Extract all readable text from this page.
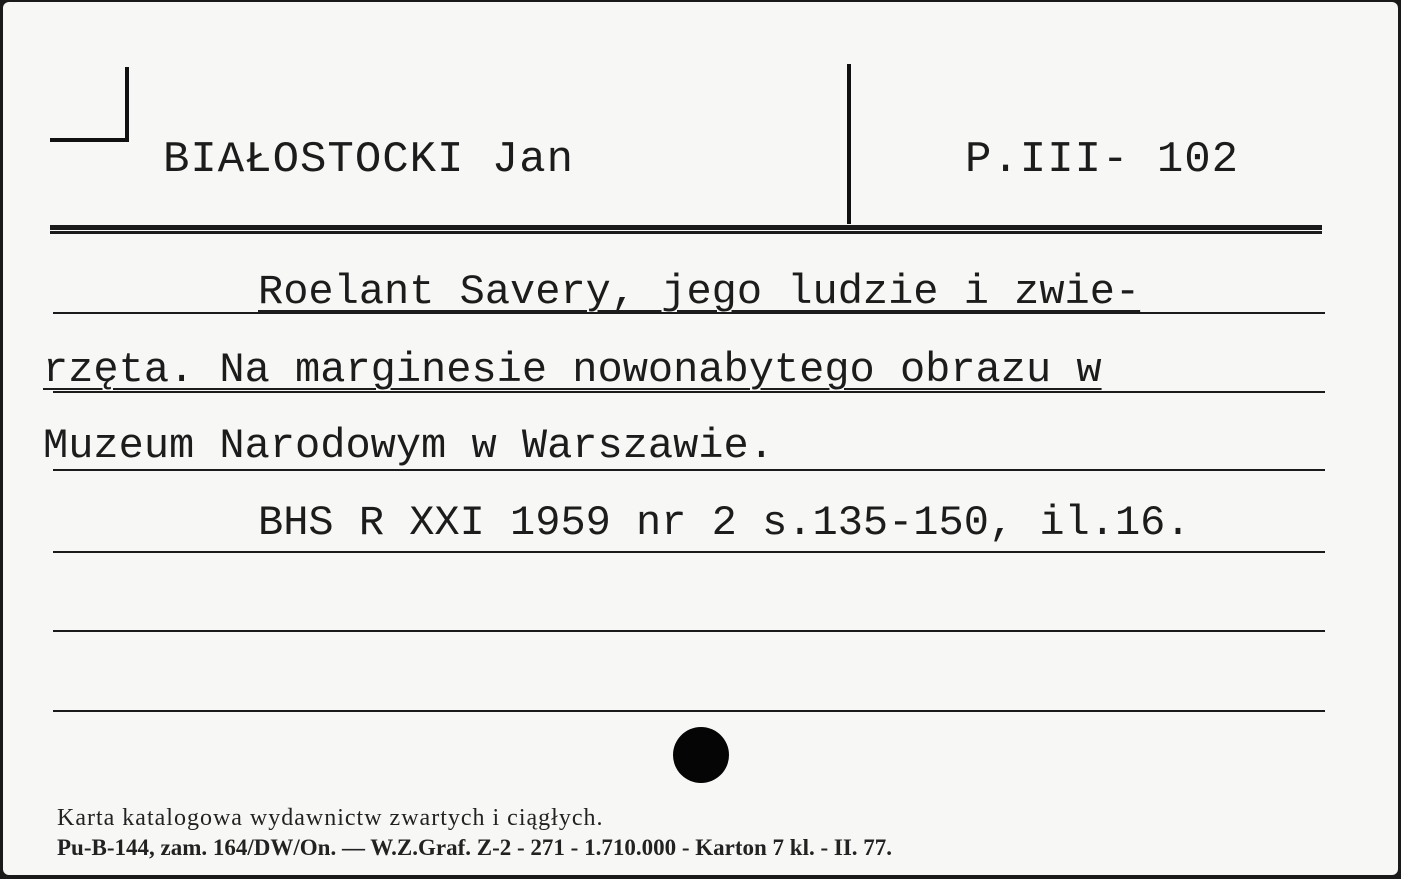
BIAŁOSTOCKI Jan	P.III- 102
Roelant Savery, jego ludzie i zwie-
rzęta. Na marginesie nowonabytego obrazu w
Muzeum Narodowym w Warszawie.
BHS R XXI 1959 nr 2 s.135-150, il.16.
Karta katalogowa wydawnictw zwartych i ciągłych.
Pu-B-144, zam. 164/DW/On. — W.Z.Graf. Z-2 - 271 - 1.710.000 - Karton 7 kl. - II. 77.
